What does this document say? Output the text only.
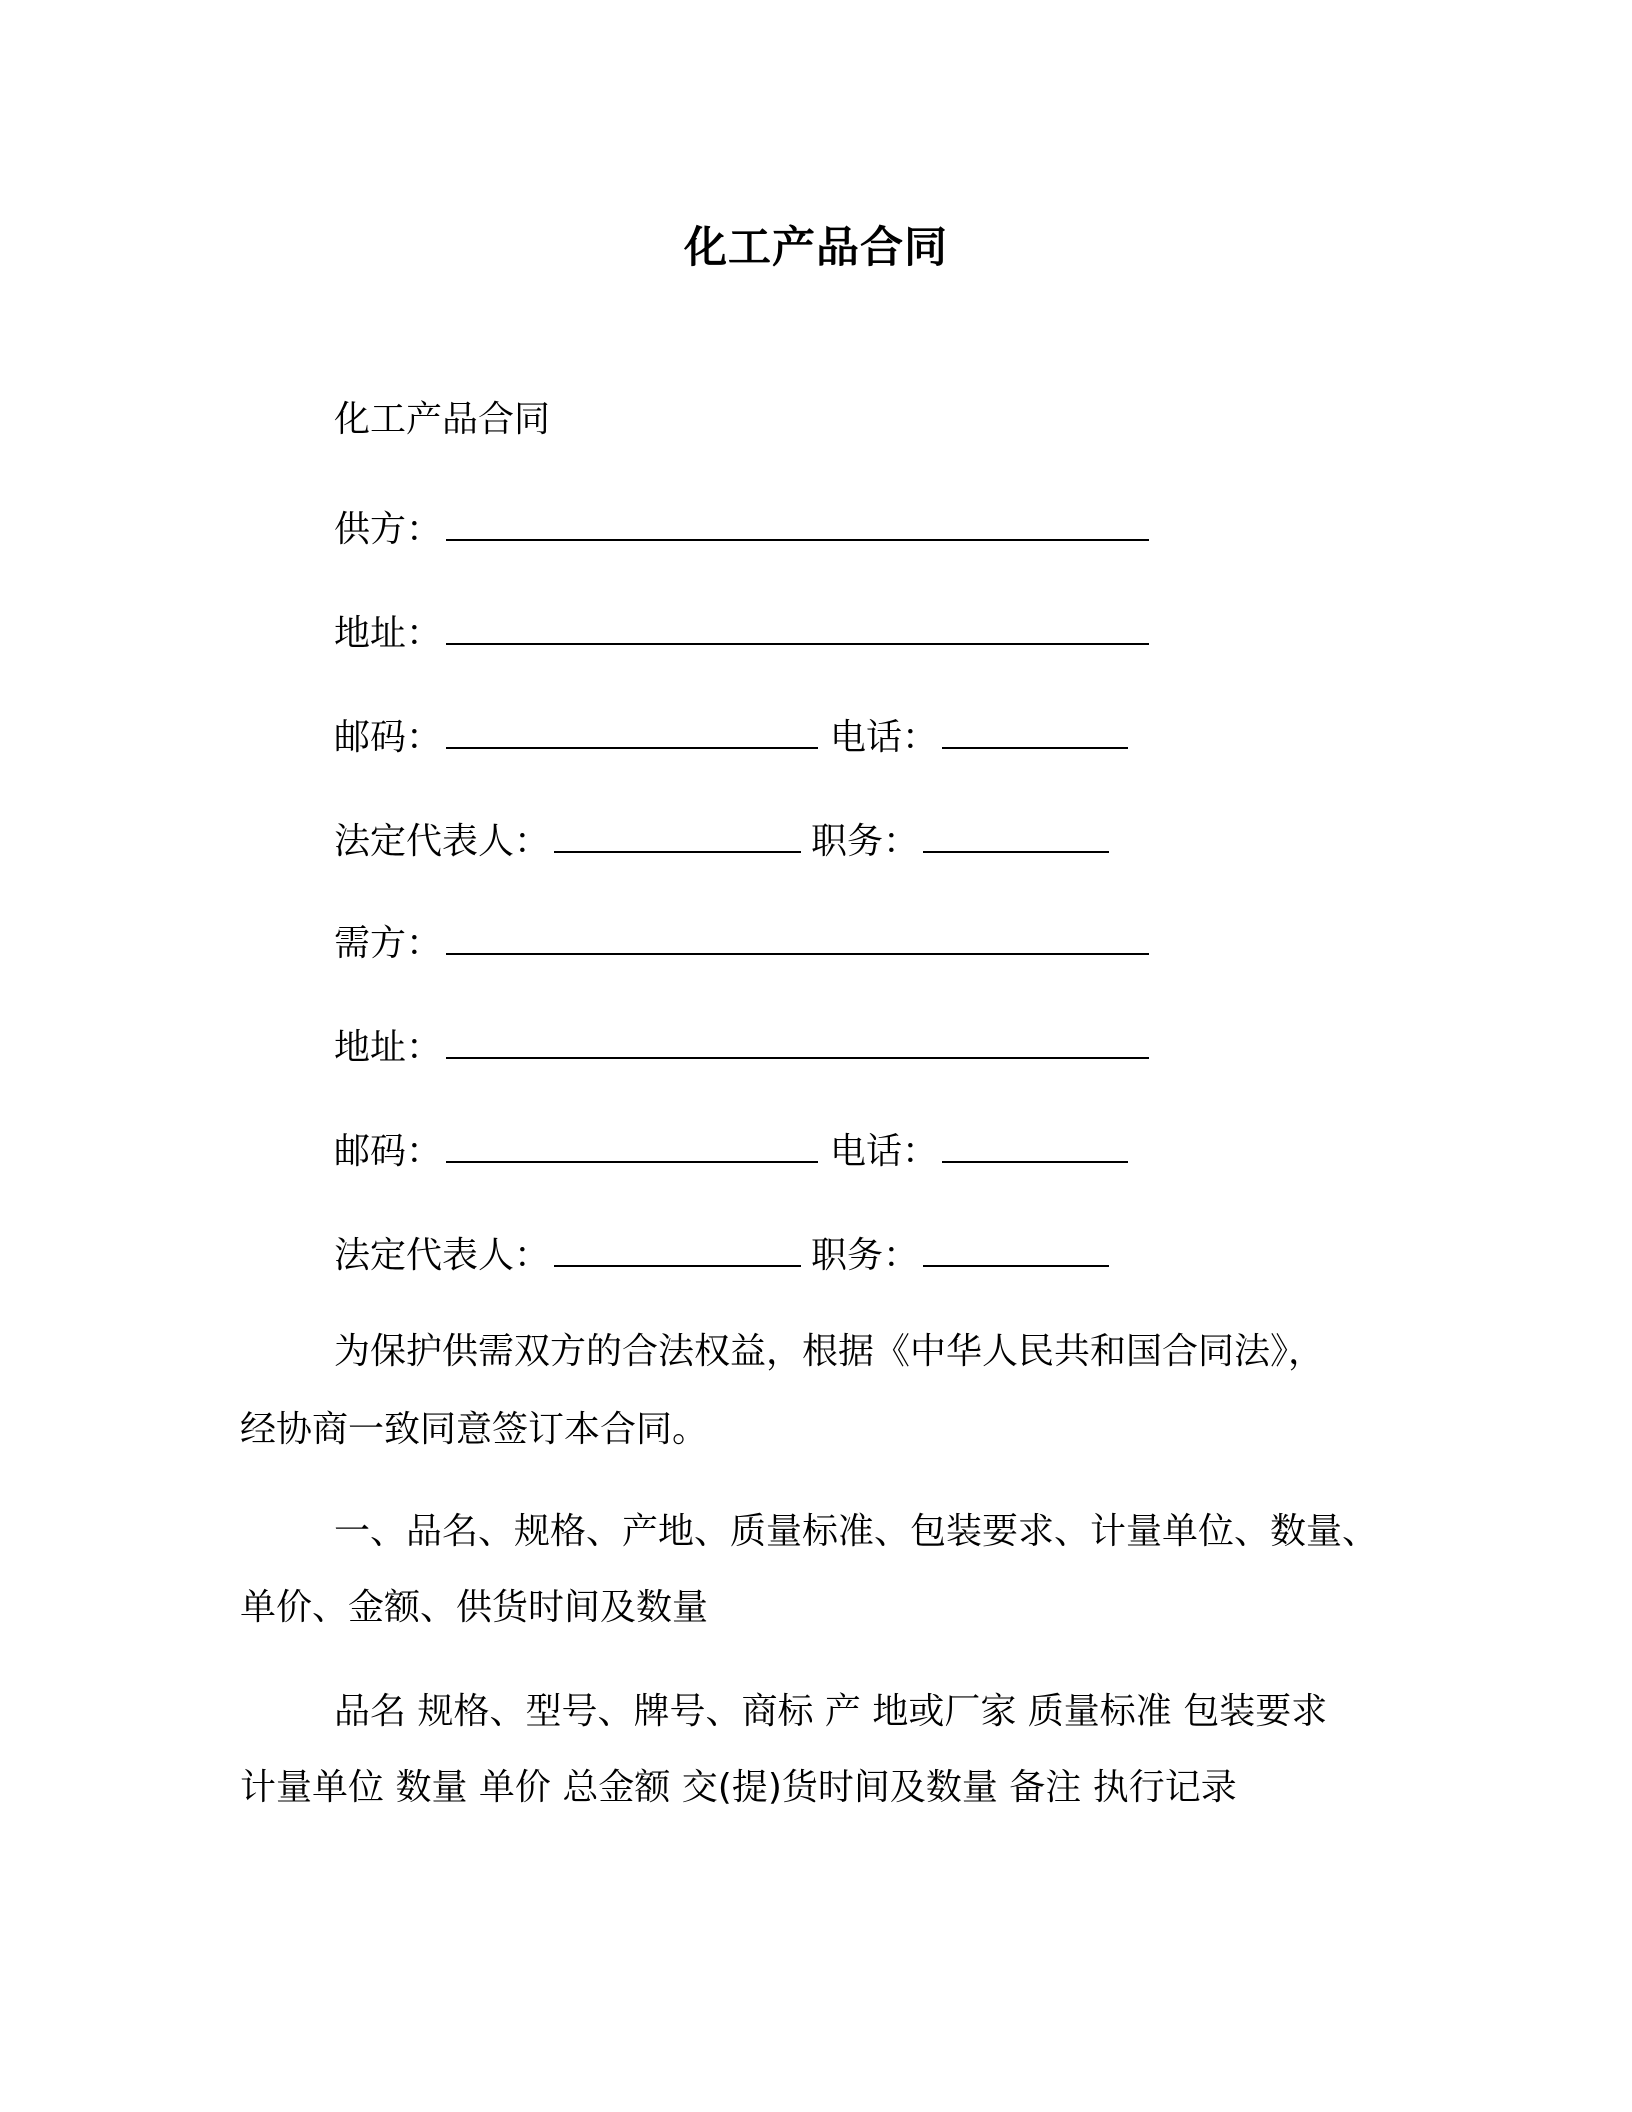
化工产品合同
化工产品合同
供方：
地址：
邮码：	电话：
法定代表人：	职务：
需方：
地址：
邮码：	电话：
法定代表人：	职务：
为保护供需双方的合法权益，根据《中华人民共和国合同法》，
经协商一致同意签订本合同。
一、品名、规格、产地、质量标准、包装要求、计量单位、数量、
单价、金额、供货时间及数量
品名 规格、型号、牌号、商标 产 地或厂家 质量标准 包装要求
计量单位 数量 单价 总金额 交(提)货时间及数量 备注 执行记录
